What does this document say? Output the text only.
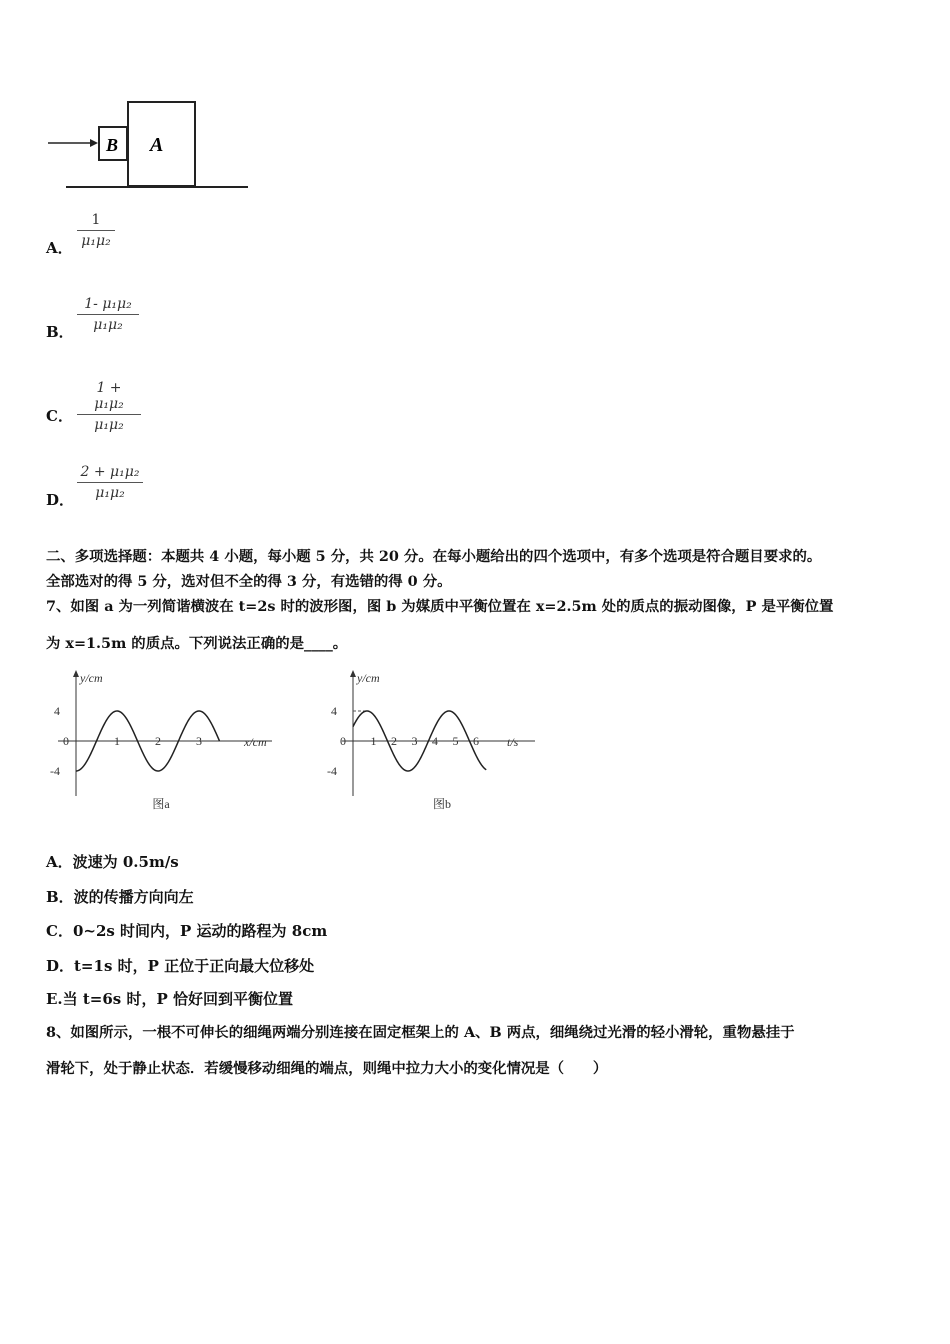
B A
A．
1
μ₁μ₂
B．
1- μ₁μ₂
μ₁μ₂
C．
1 + μ₁μ₂
μ₁μ₂
D．
2 + μ₁μ₂
μ₁μ₂
二、多项选择题：本题共 4 小题，每小题 5 分，共 20 分。在每小题给出的四个选项中，有多个选项是符合题目要求的。
全部选对的得 5 分，选对但不全的得 3 分，有选错的得 0 分。
7、如图 a 为一列简谐横波在 t=2s 时的波形图，图 b 为媒质中平衡位置在 x=2.5m 处的质点的振动图像，P 是平衡位置
为 x=1.5m 的质点。下列说法正确的是____。
y/cm
x/cm
4
-4
0	1	2	3
图a
y/cm
t/s
4
-4
0 1 2 3 4 5 6
图b
A．波速为 0.5m/s
B．波的传播方向向左
C．0~2s 时间内，P 运动的路程为 8cm
D．t=1s 时，P 正位于正向最大位移处
E.当 t=6s 时，P 恰好回到平衡位置
8、如图所示，一根不可伸长的细绳两端分别连接在固定框架上的 A、B 两点，细绳绕过光滑的轻小滑轮，重物悬挂于
滑轮下，处于静止状态．若缓慢移动细绳的端点，则绳中拉力大小的变化情况是（　　）
